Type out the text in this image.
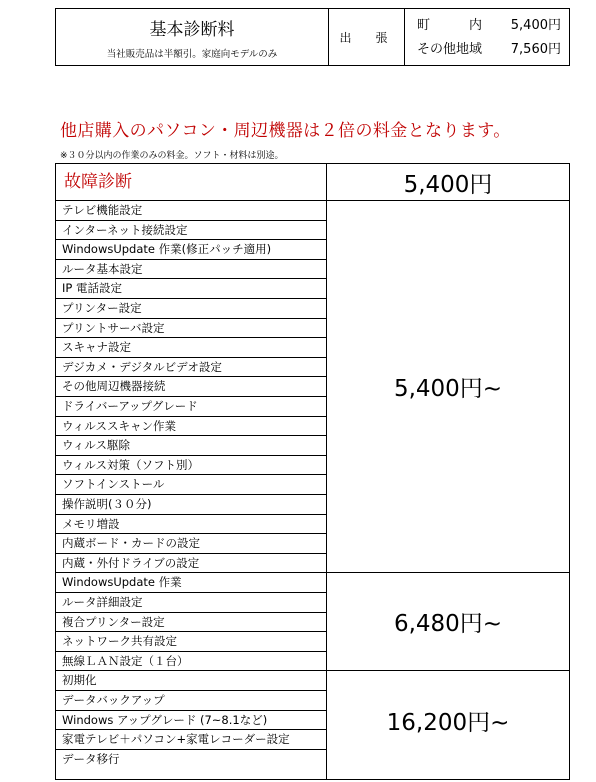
基本診断料
当社販売品は半額引。家庭向モデルのみ
出　張
町　　　内 5,400円
その他地域 7,560円
他店購入のパソコン・周辺機器は２倍の料金となります。
※３０分以内の作業のみの料金。ソフト・材料は別途。
故障診断
テレビ機能設定
インターネット接続設定
WindowsUpdate 作業(修正パッチ適用)
ルータ基本設定
IP 電話設定
プリンター設定
プリントサーバ設定
スキャナ設定
デジカメ・デジタルビデオ設定
その他周辺機器接続
ドライバーアップグレード
ウィルススキャン作業
ウィルス駆除
ウィルス対策（ソフト別）
ソフトインストール
操作説明(３０分)
メモリ増設
内蔵ボード・カードの設定
内蔵・外付ドライブの設定
WindowsUpdate 作業
ルータ詳細設定
複合プリンター設定
ネットワーク共有設定
無線ＬＡＮ設定（１台）
初期化
データバックアップ
Windows アップグレード (7~8.1など)
家電テレビ＋パソコン+家電レコーダー設定
データ移行
5,400円
5,400円~
6,480円~
16,200円~
